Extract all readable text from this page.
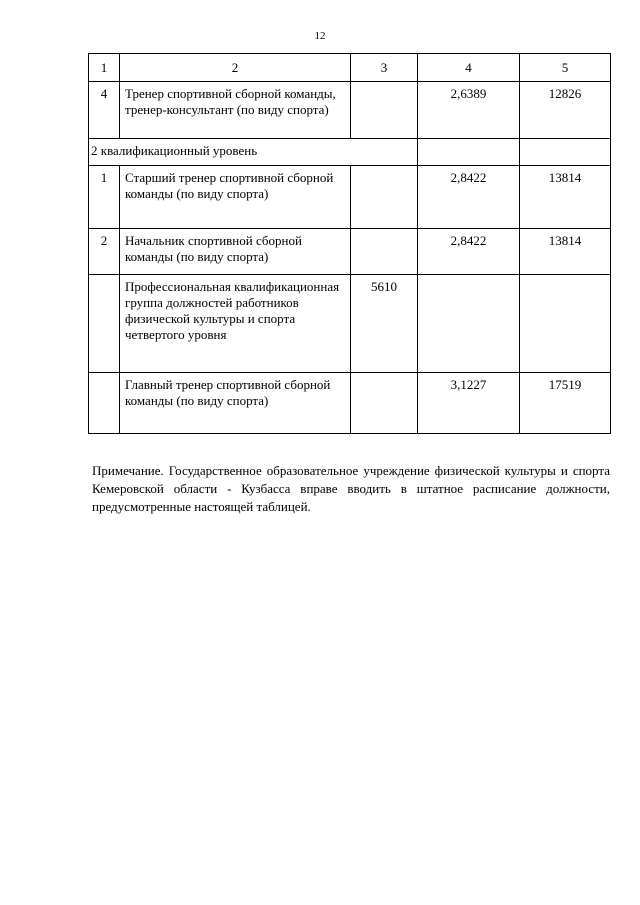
12
1	2	3	4	5
4	Тренер спортивной сборной команды, тренер-консультант (по виду спорта)		2,6389	12826
2 квалификационный уровень				
1	Старший тренер спортивной сборной команды (по виду спорта)		2,8422	13814
2	Начальник спортивной сборной команды (по виду спорта)		2,8422	13814
	Профессиональная квалификационная группа должностей работников физической культуры и спорта четвертого уровня	5610		
	Главный тренер спортивной сборной команды (по виду спорта)		3,1227	17519
Примечание. Государственное образовательное учреждение физической культуры и спорта Кемеровской области - Кузбасса вправе вводить в штатное расписание должности, предусмотренные настоящей таблицей.
